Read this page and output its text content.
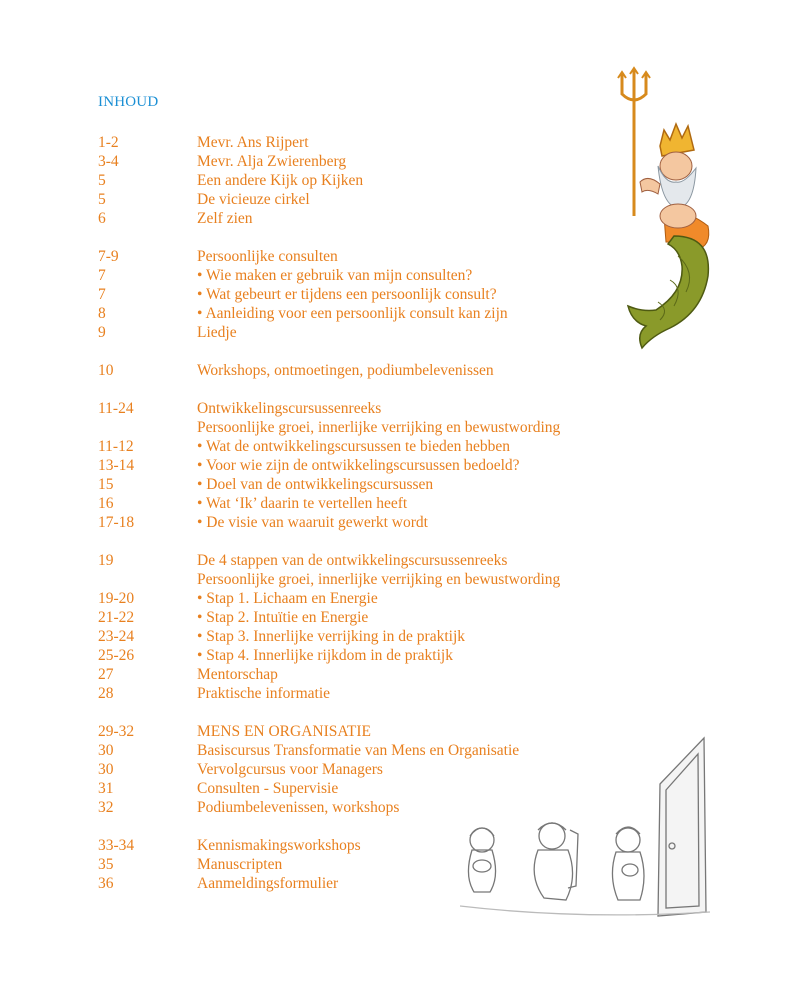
INHOUD
1-2	Mevr. Ans Rijpert
3-4	Mevr. Alja Zwierenberg
5	Een andere Kijk op Kijken
5	De vicieuze cirkel
6	Zelf zien
7-9	Persoonlijke consulten
7	• Wie maken er gebruik van mijn consulten?
7	• Wat gebeurt er tijdens een persoonlijk consult?
8	• Aanleiding voor een persoonlijk consult kan zijn
9	Liedje
10	Workshops, ontmoetingen, podiumbelevenissen
11-24	Ontwikkelingscursussenreeks
Persoonlijke groei, innerlijke verrijking en bewustwording
11-12	• Wat de ontwikkelingscursussen te bieden hebben
13-14	• Voor wie zijn de ontwikkelingscursussen bedoeld?
15	• Doel van de ontwikkelingscursussen
16	• Wat ‘Ik’ daarin te vertellen heeft
17-18	• De visie van waaruit gewerkt wordt
19	De 4 stappen van de ontwikkelingscursussenreeks
Persoonlijke groei, innerlijke verrijking en bewustwording
19-20	• Stap 1. Lichaam en Energie
21-22	• Stap 2. Intuïtie en Energie
23-24	• Stap 3. Innerlijke verrijking in de praktijk
25-26	• Stap 4. Innerlijke rijkdom in de praktijk
27	Mentorschap
28	Praktische informatie
29-32	MENS EN ORGANISATIE
30	Basiscursus Transformatie van Mens en Organisatie
30	Vervolgcursus voor Managers
31	Consulten - Supervisie
32	Podiumbelevenissen, workshops
33-34	Kennismakingsworkshops
35	Manuscripten
36	Aanmeldingsformulier
